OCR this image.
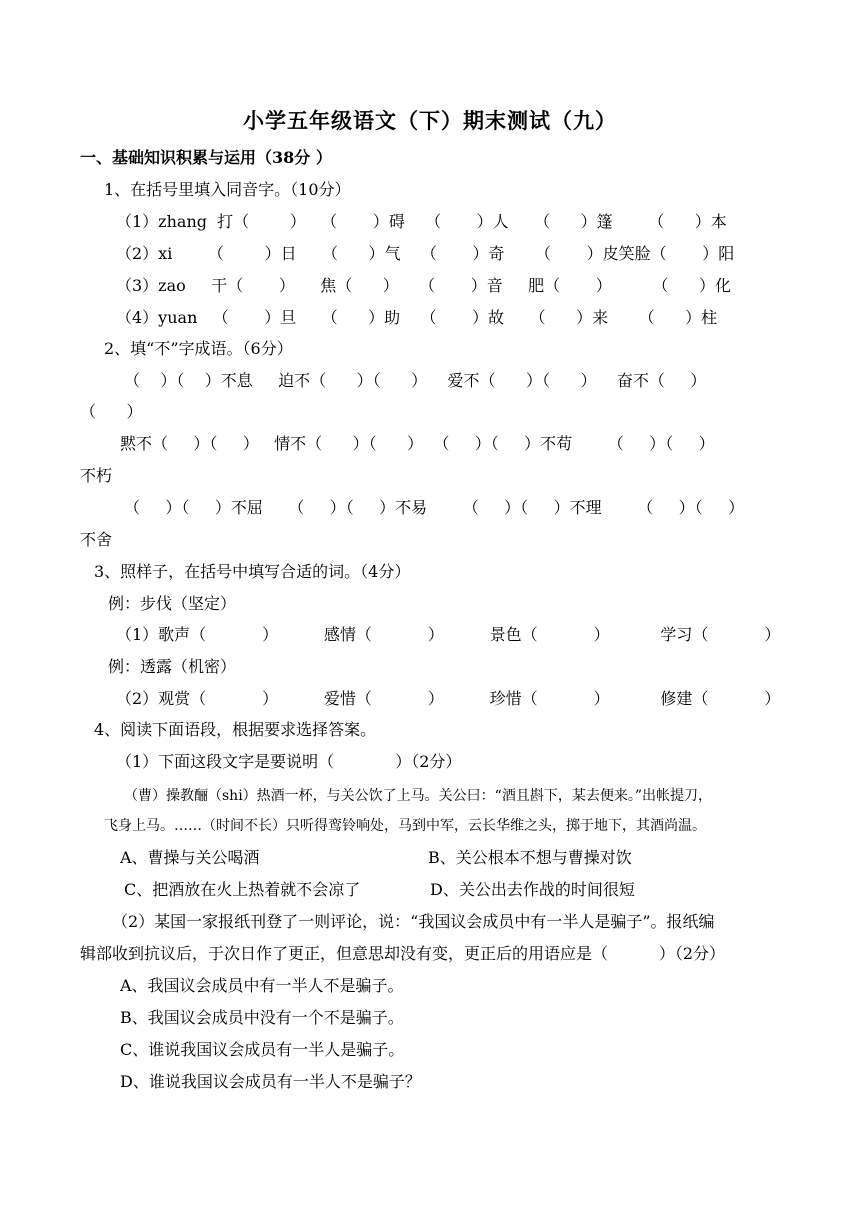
小学五年级语文（下）期末测试（九）
一、基础知识积累与运用（38分 ）
1、在括号里填入同音字。（10分）
（1）zhang  打（        ）   （       ）碍    （       ）人     （      ）篷       （      ）本
（2）xi       （        ）日     （      ）气    （       ）奇      （       ）皮笑脸（       ）阳
（3）zao     干（       ）     焦（      ）    （       ）音     肥（       ）        （      ）化
（4）yuan   （       ）旦     （      ）助    （       ）故     （      ）来      （      ）柱
2、填“不”字成语。（6分）
（    ）（    ）不息     迫不（      ）（      ）    爱不（      ）（      ）    奋不（     ）
（      ）
黙不（     ）（     ）   情不（      ）（      ）  （     ）（     ）不苟       （     ）（     ）
不朽
（     ）（     ）不屈     （     ）（     ）不易       （     ）（     ）不理       （     ）（     ）
不舍
3、照样子，在括号中填写合适的词。（4分）
例：步伐（坚定）
（1）歌声（           ）         感情（           ）         景色（           ）          学习（           ）
例：透露（机密）
（2）观赏（           ）         爱惜（           ）         珍惜（           ）          修建（           ）
4、阅读下面语段，根据要求选择答案。
（1）下面这段文字是要说明（            ）（2分）
（曹）操教酾（shi）热酒一杯，与关公饮了上马。关公曰：“酒且斟下，某去便来。”出帐提刀，
飞身上马。……（时间不长）只听得鸾铃响处，马到中军，云长华维之头，掷于地下，其酒尚温。
A、曹操与关公喝酒	B、关公根本不想与曹操对饮
C、把酒放在火上热着就不会凉了	D、关公出去作战的时间很短
（2）某国一家报纸刊登了一则评论，说：“我国议会成员中有一半人是骗子”。报纸编
辑部收到抗议后，于次日作了更正，但意思却没有变，更正后的用语应是（          ）（2分）
A、我国议会成员中有一半人不是骗子。
B、我国议会成员中没有一个不是骗子。
C、谁说我国议会成员有一半人是骗子。
D、谁说我国议会成员有一半人不是骗子？
